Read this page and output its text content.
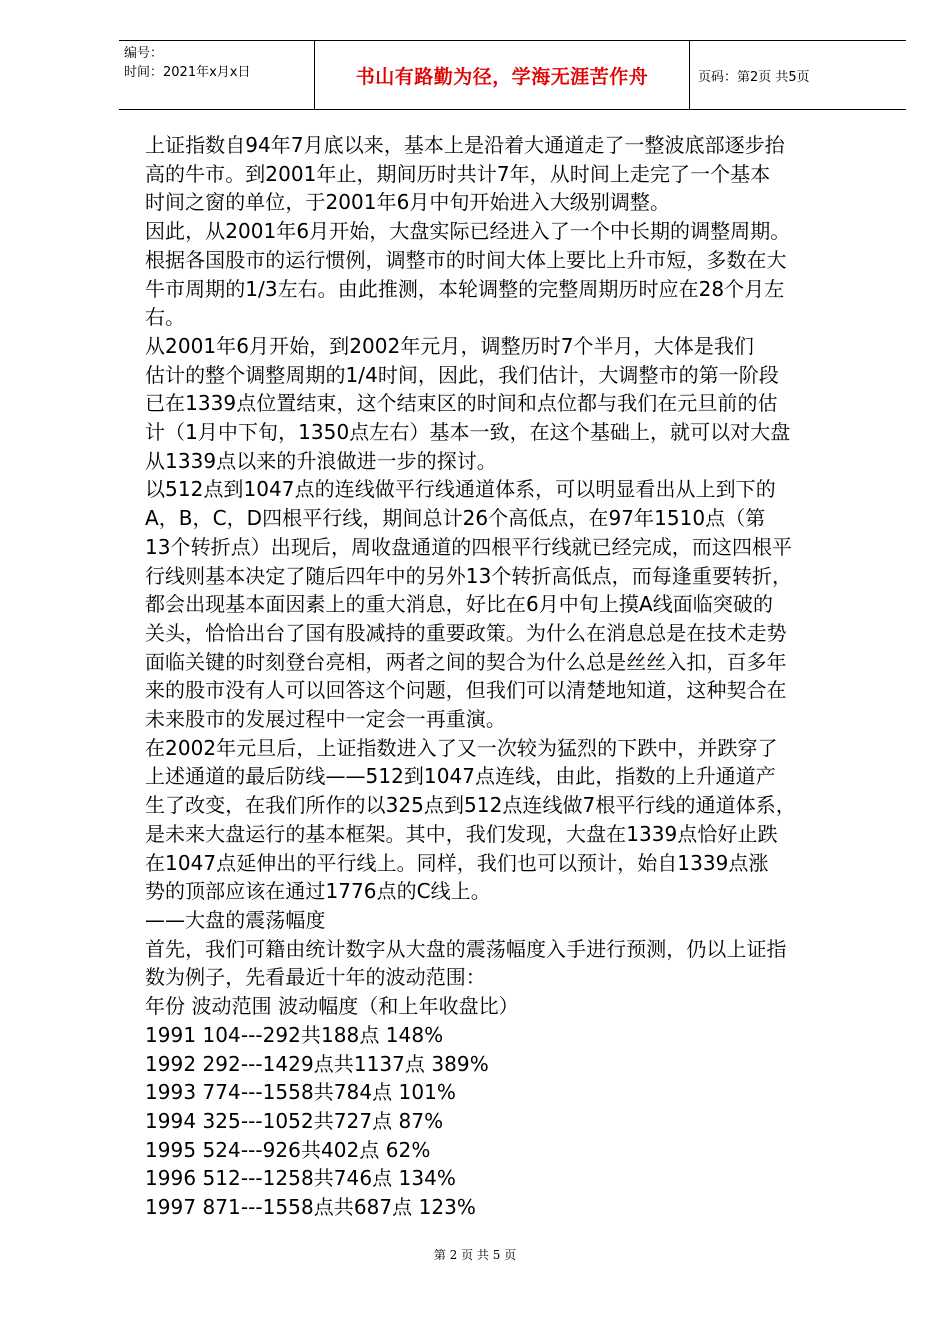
编号：
时间：2021年x月x日	书山有路勤为径，学海无涯苦作舟	页码：第2页 共5页
上证指数自94年7月底以来，基本上是沿着大通道走了一整波底部逐步抬
高的牛市。到2001年止，期间历时共计7年，从时间上走完了一个基本
时间之窗的单位，于2001年6月中旬开始进入大级别调整。
因此，从2001年6月开始，大盘实际已经进入了一个中长期的调整周期。
根据各国股市的运行惯例，调整市的时间大体上要比上升市短，多数在大
牛市周期的1/3左右。由此推测，本轮调整的完整周期历时应在28个月左
右。
从2001年6月开始，到2002年元月，调整历时7个半月，大体是我们
估计的整个调整周期的1/4时间，因此，我们估计，大调整市的第一阶段
已在1339点位置结束，这个结束区的时间和点位都与我们在元旦前的估
计（1月中下旬，1350点左右）基本一致，在这个基础上，就可以对大盘
从1339点以来的升浪做进一步的探讨。
以512点到1047点的连线做平行线通道体系，可以明显看出从上到下的
A，B，C，D四根平行线，期间总计26个高低点，在97年1510点（第
13个转折点）出现后，周收盘通道的四根平行线就已经完成，而这四根平
行线则基本决定了随后四年中的另外13个转折高低点，而每逢重要转折，
都会出现基本面因素上的重大消息，好比在6月中旬上摸A线面临突破的
关头，恰恰出台了国有股减持的重要政策。为什么在消息总是在技术走势
面临关键的时刻登台亮相，两者之间的契合为什么总是丝丝入扣，百多年
来的股市没有人可以回答这个问题，但我们可以清楚地知道，这种契合在
未来股市的发展过程中一定会一再重演。
在2002年元旦后，上证指数进入了又一次较为猛烈的下跌中，并跌穿了
上述通道的最后防线——512到1047点连线，由此，指数的上升通道产
生了改变，在我们所作的以325点到512点连线做7根平行线的通道体系，
是未来大盘运行的基本框架。其中，我们发现，大盘在1339点恰好止跌
在1047点延伸出的平行线上。同样，我们也可以预计，始自1339点涨
势的顶部应该在通过1776点的C线上。
——大盘的震荡幅度
首先，我们可籍由统计数字从大盘的震荡幅度入手进行预测，仍以上证指
数为例子，先看最近十年的波动范围：
年份 波动范围 波动幅度（和上年收盘比）
1991 104---292共188点 148%
1992 292---1429点共1137点 389%
1993 774---1558共784点 101%
1994 325---1052共727点 87%
1995 524---926共402点 62%
1996 512---1258共746点 134%
1997 871---1558点共687点 123%
第 2 页 共 5 页
